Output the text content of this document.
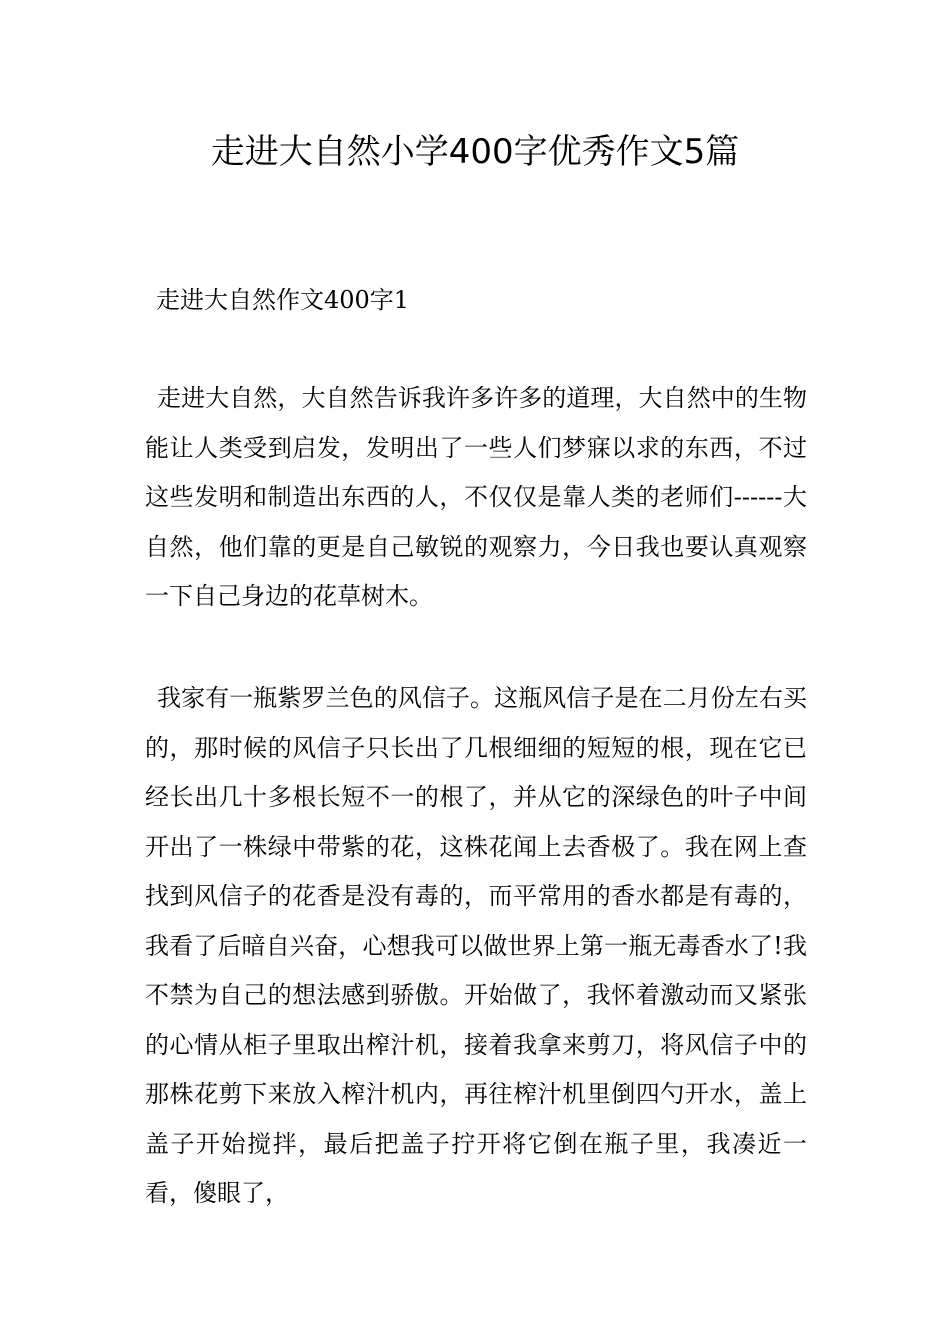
走进大自然小学400字优秀作文5篇

走进大自然作文400字1

走进大自然，大自然告诉我许多许多的道理，大自然中的生物能让人类受到启发，发明出了一些人们梦寐以求的东西，不过这些发明和制造出东西的人，不仅仅是靠人类的老师们------大自然，他们靠的更是自己敏锐的观察力，今日我也要认真观察一下自己身边的花草树木。

我家有一瓶紫罗兰色的风信子。这瓶风信子是在二月份左右买的，那时候的风信子只长出了几根细细的短短的根，现在它已经长出几十多根长短不一的根了，并从它的深绿色的叶子中间开出了一株绿中带紫的花，这株花闻上去香极了。我在网上查找到风信子的花香是没有毒的，而平常用的香水都是有毒的，我看了后暗自兴奋，心想我可以做世界上第一瓶无毒香水了!我不禁为自己的想法感到骄傲。开始做了，我怀着激动而又紧张的心情从柜子里取出榨汁机，接着我拿来剪刀，将风信子中的那株花剪下来放入榨汁机内，再往榨汁机里倒四勺开水，盖上盖子开始搅拌，最后把盖子拧开将它倒在瓶子里，我凑近一看，傻眼了，
